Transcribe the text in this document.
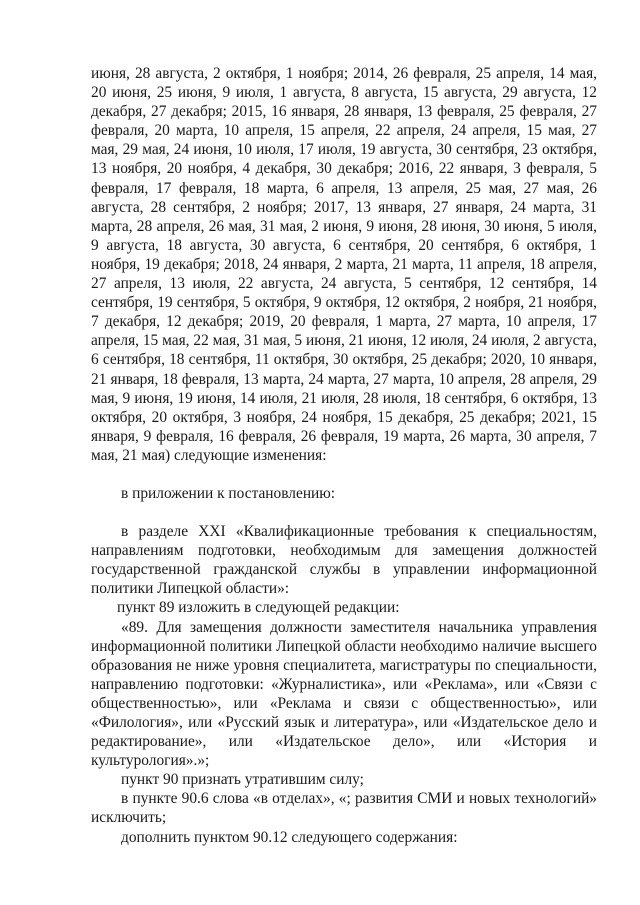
июня, 28 августа, 2 октября, 1 ноября; 2014, 26 февраля, 25 апреля, 14 мая, 20 июня, 25 июня, 9 июля, 1 августа, 8 августа, 15 августа, 29 августа, 12 декабря, 27 декабря; 2015, 16 января, 28 января, 13 февраля, 25 февраля, 27 февраля, 20 марта, 10 апреля, 15 апреля, 22 апреля, 24 апреля, 15 мая, 27 мая, 29 мая, 24 июня, 10 июля, 17 июля, 19 августа, 30 сентября, 23 октября, 13 ноября, 20 ноября, 4 декабря, 30 декабря; 2016, 22 января, 3 февраля, 5 февраля, 17 февраля, 18 марта, 6 апреля, 13 апреля, 25 мая, 27 мая, 26 августа, 28 сентября, 2 ноября; 2017, 13 января, 27 января, 24 марта, 31 марта, 28 апреля, 26 мая, 31 мая, 2 июня, 9 июня, 28 июня, 30 июня, 5 июля, 9 августа, 18 августа, 30 августа, 6 сентября, 20 сентября, 6 октября, 1 ноября, 19 декабря; 2018, 24 января, 2 марта, 21 марта, 11 апреля, 18 апреля, 27 апреля, 13 июля, 22 августа, 24 августа, 5 сентября, 12 сентября, 14 сентября, 19 сентября, 5 октября, 9 октября, 12 октября, 2 ноября, 21 ноября, 7 декабря, 12 декабря; 2019, 20 февраля, 1 марта, 27 марта, 10 апреля, 17 апреля, 15 мая, 22 мая, 31 мая, 5 июня, 21 июня, 12 июля, 24 июля, 2 августа, 6 сентября, 18 сентября, 11 октября, 30 октября, 25 декабря; 2020, 10 января, 21 января, 18 февраля, 13 марта, 24 марта, 27 марта, 10 апреля, 28 апреля, 29 мая, 9 июня, 19 июня, 14 июля, 21 июля, 28 июля, 18 сентября, 6 октября, 13 октября, 20 октября, 3 ноября, 24 ноября, 15 декабря, 25 декабря; 2021, 15 января, 9 февраля, 16 февраля, 26 февраля, 19 марта, 26 марта, 30 апреля, 7 мая, 21 мая) следующие изменения:

в приложении к постановлению:

в разделе XXI «Квалификационные требования к специальностям, направлениям подготовки, необходимым для замещения должностей государственной гражданской службы в управлении информационной политики Липецкой области»:

пункт 89 изложить в следующей редакции:

«89. Для замещения должности заместителя начальника управления информационной политики Липецкой области необходимо наличие высшего образования не ниже уровня специалитета, магистратуры по специальности, направлению подготовки: «Журналистика», или «Реклама», или «Связи с общественностью», или «Реклама и связи с общественностью», или «Филология», или «Русский язык и литература», или «Издательское дело и редактирование», или «Издательское дело», или «История и культурология».»;

пункт 90 признать утратившим силу;

в пункте 90.6 слова «в отделах», «; развития СМИ и новых технологий» исключить;

дополнить пунктом 90.12 следующего содержания:
